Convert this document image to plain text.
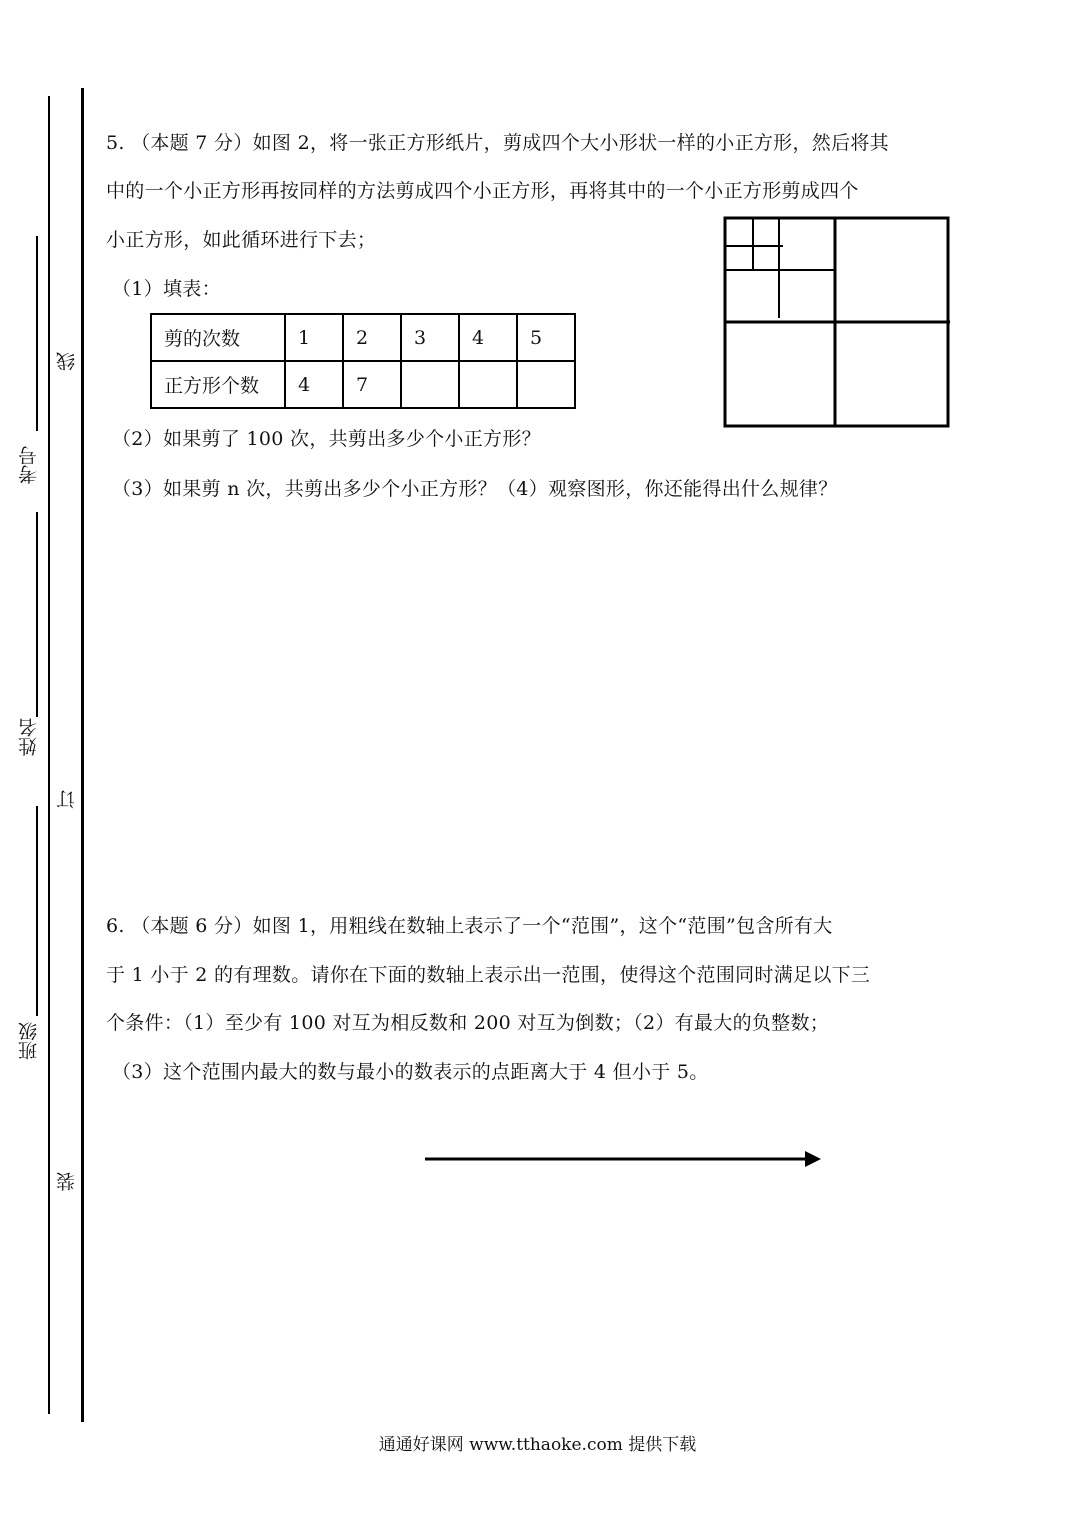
考号
姓名
班级
线
订
装
5. （本题 7 分）如图 2，将一张正方形纸片，剪成四个大小形状一样的小正方形，然后将其
中的一个小正方形再按同样的方法剪成四个小正方形，再将其中的一个小正方形剪成四个
小正方形，如此循环进行下去；
（1）填表：
剪的次数	1	2	3	4	5
正方形个数	4	7			
（2）如果剪了 100 次，共剪出多少个小正方形？
（3）如果剪 n 次，共剪出多少个小正方形？（4）观察图形，你还能得出什么规律？
6. （本题 6 分）如图 1，用粗线在数轴上表示了一个“范围”，这个“范围”包含所有大
于 1 小于 2 的有理数。请你在下面的数轴上表示出一范围，使得这个范围同时满足以下三
个条件：（1）至少有 100 对互为相反数和 200 对互为倒数；（2）有最大的负整数；
（3）这个范围内最大的数与最小的数表示的点距离大于 4 但小于 5。
通通好课网 www.tthaoke.com 提供下载
